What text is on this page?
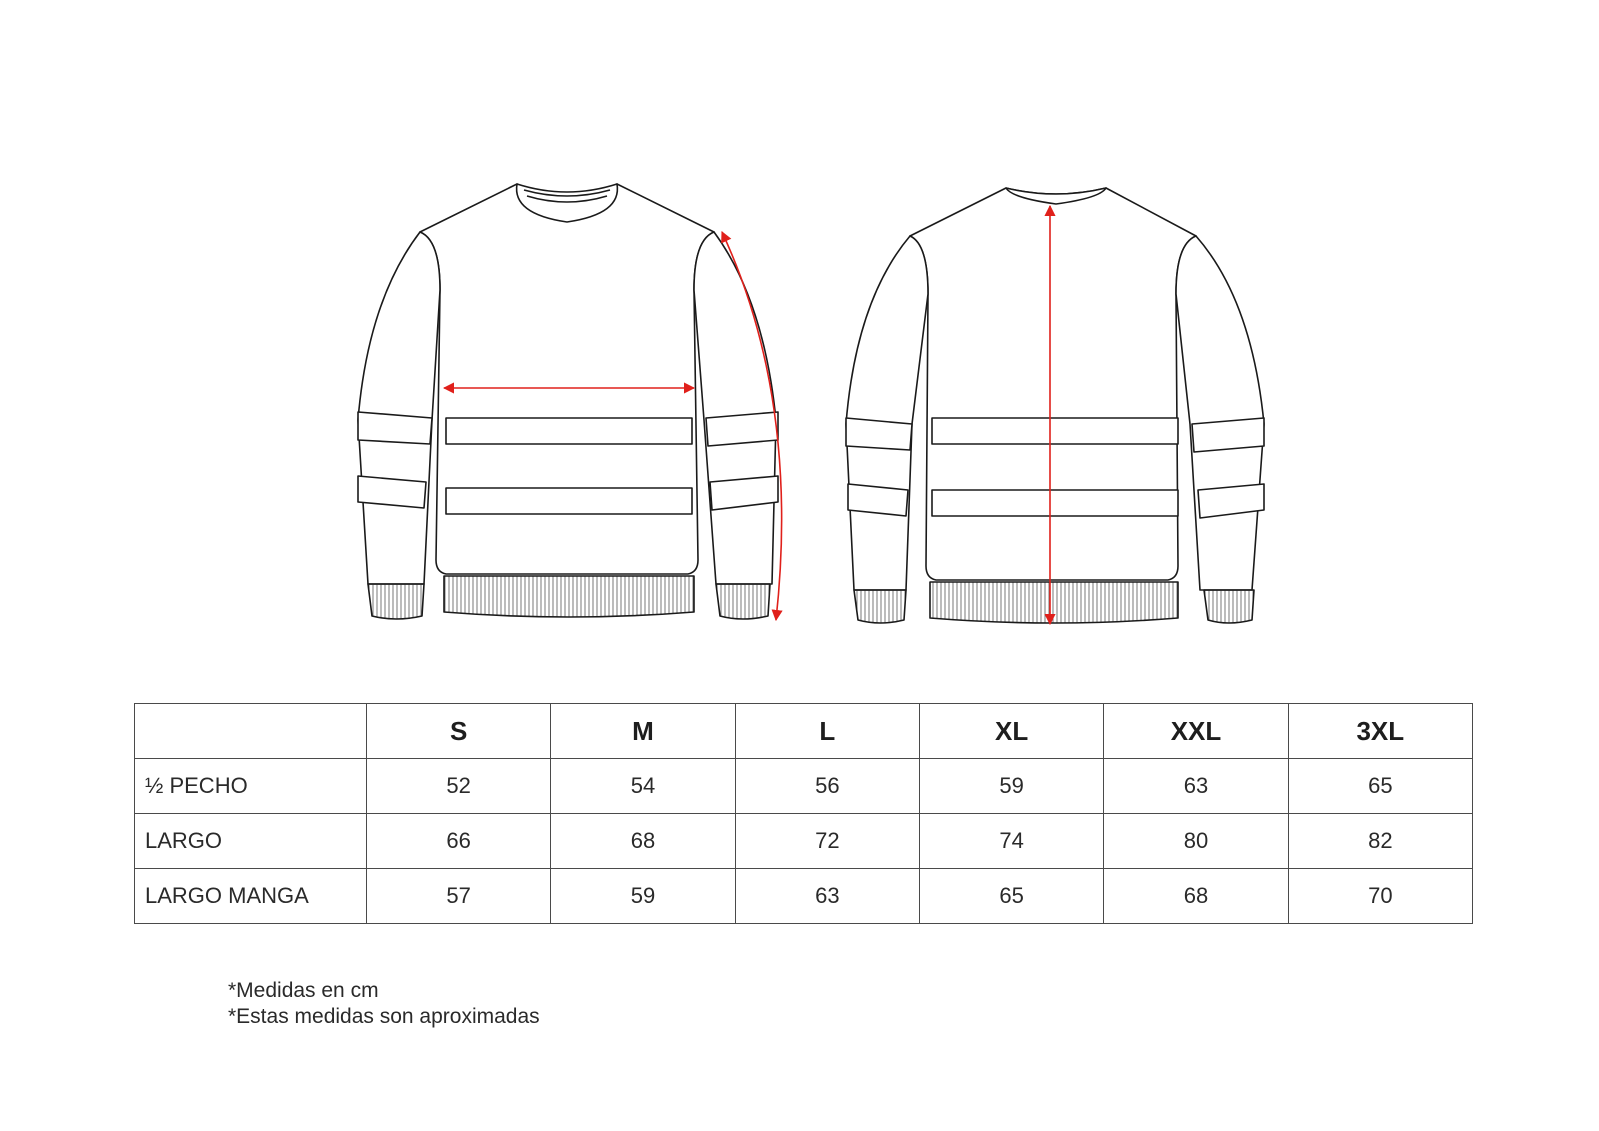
	S	M	L	XL	XXL	3XL
½ PECHO	52	54	56	59	63	65
LARGO	66	68	72	74	80	82
LARGO MANGA	57	59	63	65	68	70
*Medidas en cm
*Estas medidas son aproximadas
